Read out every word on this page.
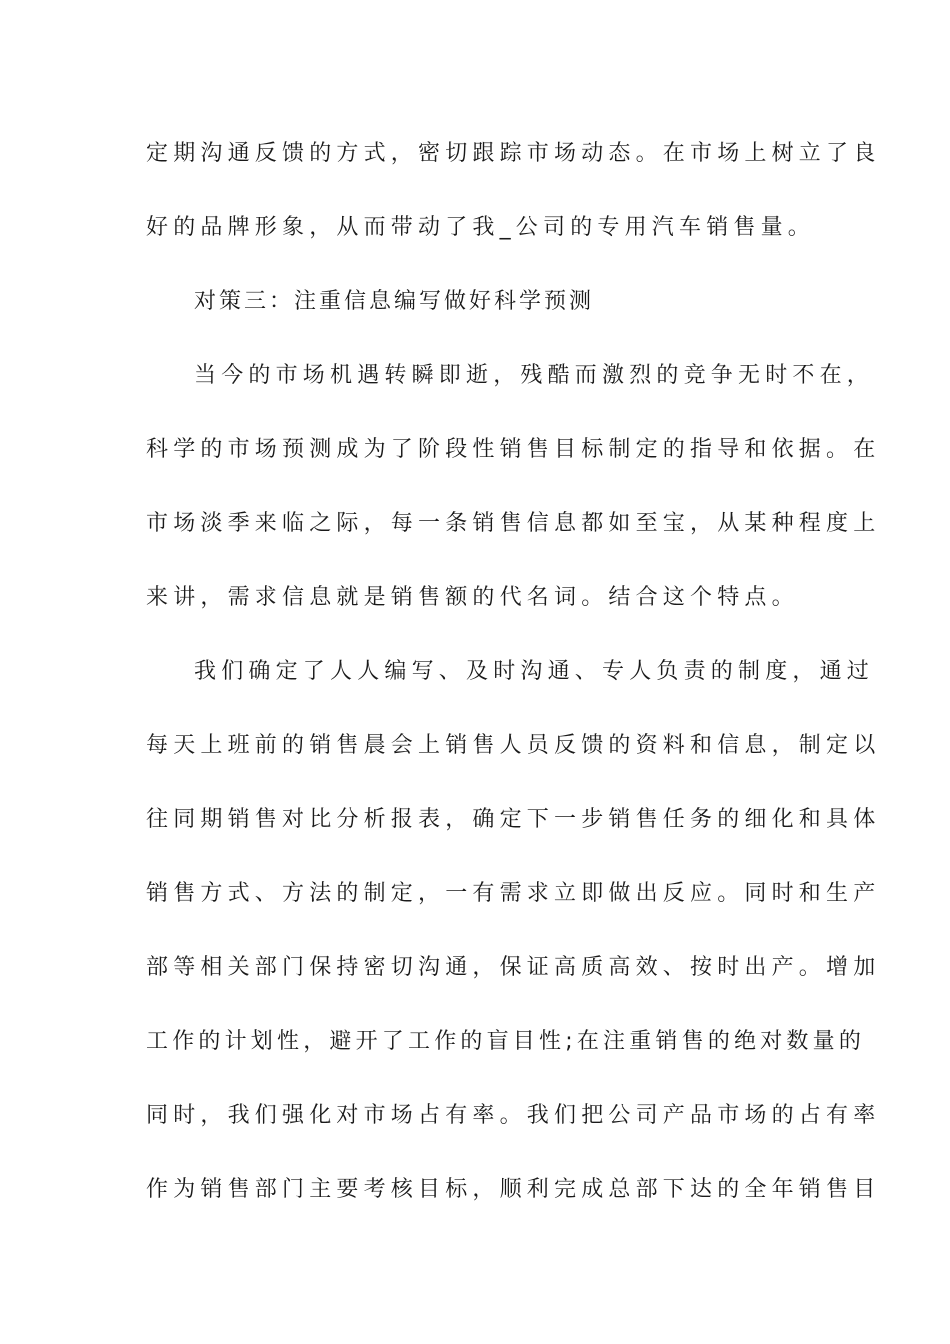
定期沟通反馈的方式，密切跟踪市场动态。在市场上树立了良
好的品牌形象，从而带动了我_公司的专用汽车销售量。
对策三：注重信息编写做好科学预测
当今的市场机遇转瞬即逝，残酷而激烈的竞争无时不在，
科学的市场预测成为了阶段性销售目标制定的指导和依据。在
市场淡季来临之际，每一条销售信息都如至宝，从某种程度上
来讲，需求信息就是销售额的代名词。结合这个特点。
我们确定了人人编写、及时沟通、专人负责的制度，通过
每天上班前的销售晨会上销售人员反馈的资料和信息，制定以
往同期销售对比分析报表，确定下一步销售任务的细化和具体
销售方式、方法的制定，一有需求立即做出反应。同时和生产
部等相关部门保持密切沟通，保证高质高效、按时出产。增加
工作的计划性，避开了工作的盲目性;在注重销售的绝对数量的
同时，我们强化对市场占有率。我们把公司产品市场的占有率
作为销售部门主要考核目标，顺利完成总部下达的全年销售目
